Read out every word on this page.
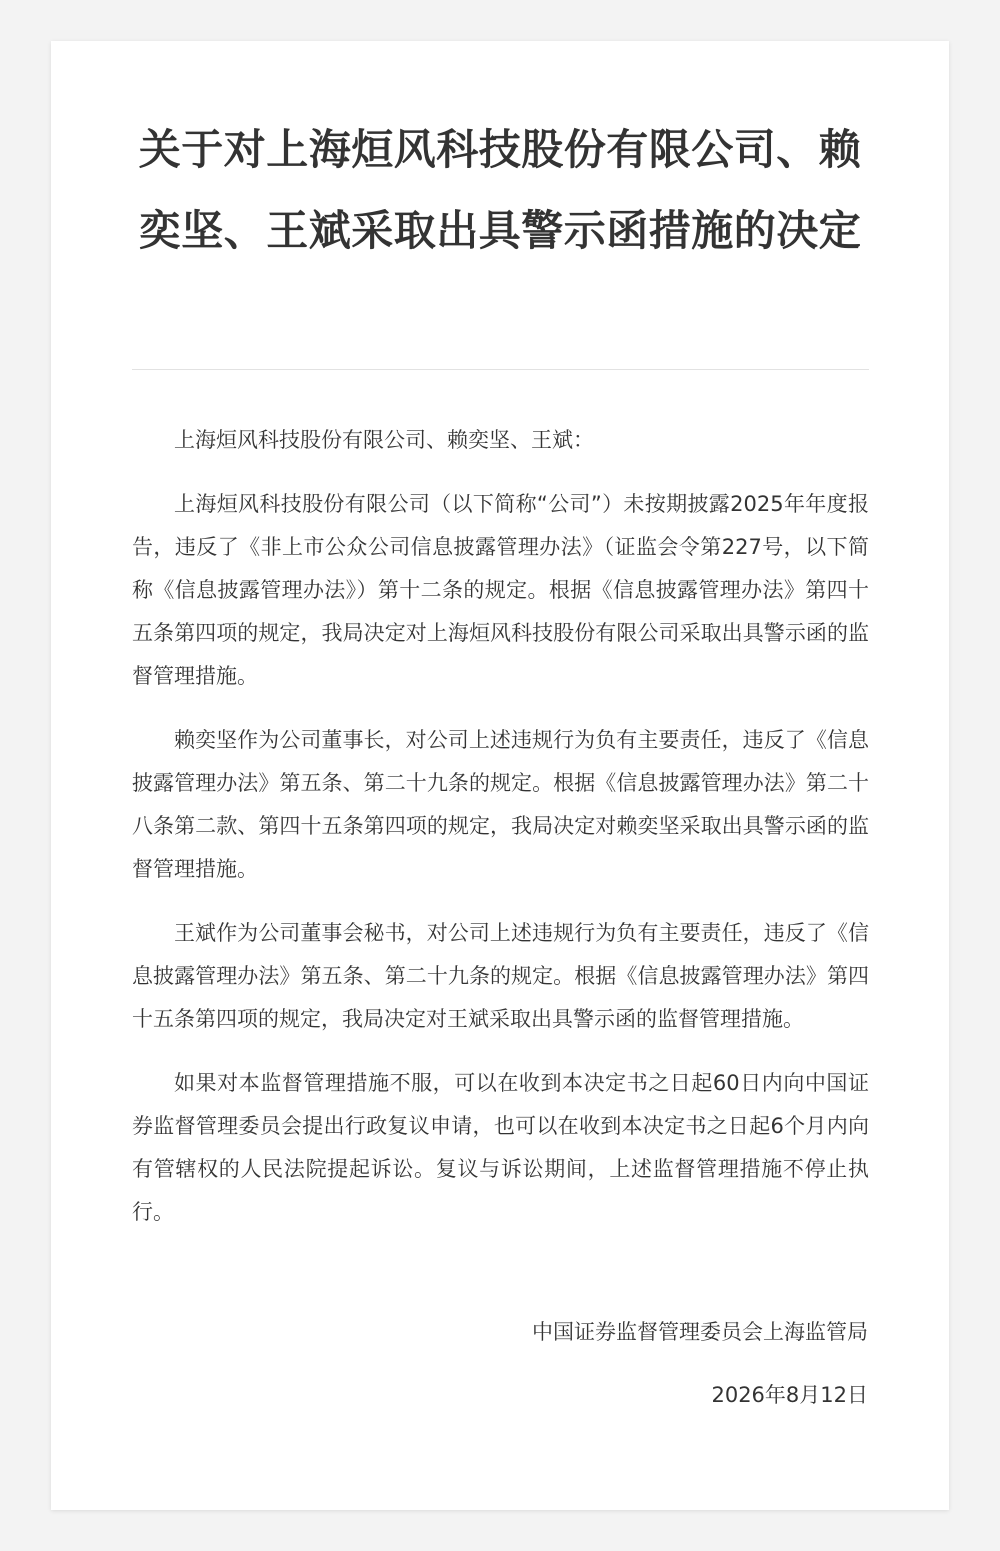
关于对上海烜风科技股份有限公司、赖奕坚、王斌采取出具警示函措施的决定

上海烜风科技股份有限公司、赖奕坚、王斌：

上海烜风科技股份有限公司（以下简称“公司”）未按期披露2025年年度报告，违反了《非上市公众公司信息披露管理办法》（证监会令第227号，以下简称《信息披露管理办法》）第十二条的规定。根据《信息披露管理办法》第四十五条第四项的规定，我局决定对上海烜风科技股份有限公司采取出具警示函的监督管理措施。

赖奕坚作为公司董事长，对公司上述违规行为负有主要责任，违反了《信息披露管理办法》第五条、第二十九条的规定。根据《信息披露管理办法》第二十八条第二款、第四十五条第四项的规定，我局决定对赖奕坚采取出具警示函的监督管理措施。

王斌作为公司董事会秘书，对公司上述违规行为负有主要责任，违反了《信息披露管理办法》第五条、第二十九条的规定。根据《信息披露管理办法》第四十五条第四项的规定，我局决定对王斌采取出具警示函的监督管理措施。

如果对本监督管理措施不服，可以在收到本决定书之日起60日内向中国证券监督管理委员会提出行政复议申请，也可以在收到本决定书之日起6个月内向有管辖权的人民法院提起诉讼。复议与诉讼期间，上述监督管理措施不停止执行。

中国证券监督管理委员会上海监管局
2026年8月12日
